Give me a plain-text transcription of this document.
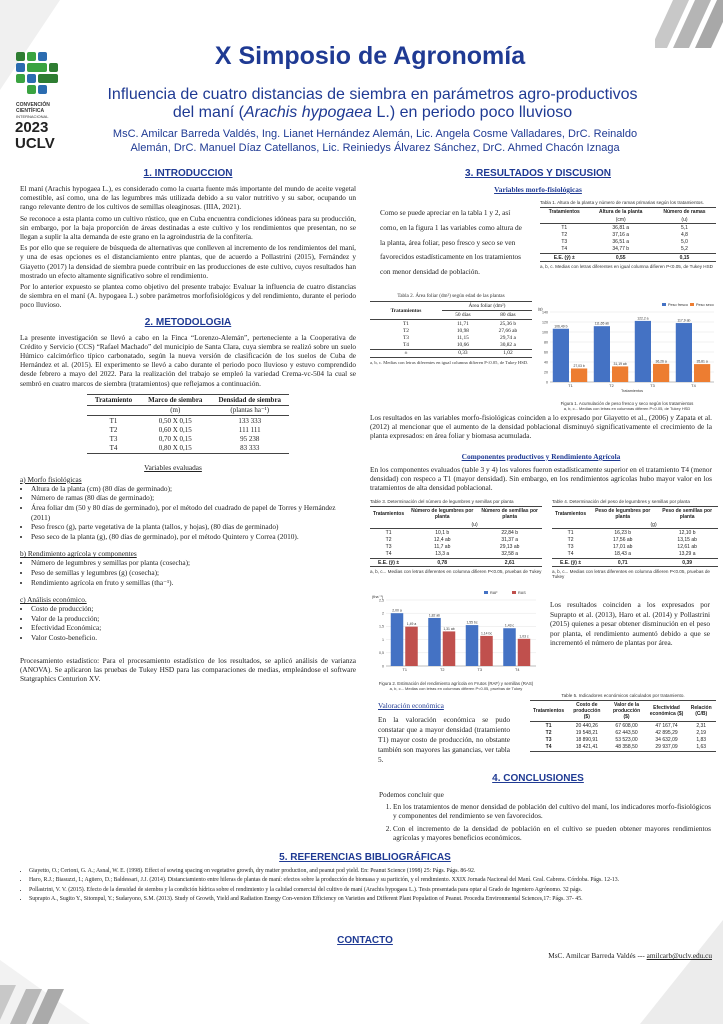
CONVENCIÓN
CIENTÍFICA
INTERNACIONAL
2023
UCLV
X Simposio de Agronomía
Influencia de cuatro distancias de siembra en parámetros agro-productivos
del maní (Arachis hypogaea L.) en periodo poco lluvioso
MsC. Amilcar Barreda Valdés, Ing. Lianet Hernández Alemán, Lic. Angela Cosme Valladares, DrC. Reinaldo
Alemán, DrC. Manuel Díaz Catellanos, Lic. Reiniedys Álvarez Sánchez, DrC. Ahmed Chacón Iznaga
1. INTRODUCCION

El maní (Arachis hypogaea L.), es considerado como la cuarta fuente más importante del mundo de aceite vegetal comestible, así como, una de las legumbres más utilizada debido a su valor nutritivo y su sabor, ocupando un rango relevante dentro de los cultivos de semillas oleaginosas. (IIIA, 2021).

Se reconoce a esta planta como un cultivo rústico, que en Cuba encuentra condiciones idóneas para su producción, sin embargo, por la baja proporción de áreas destinadas a este cultivo y los rendimientos que presentan, no se llegan a suplir la alta demanda de este grano en la agroindustria de la confitería.

Es por ello que se requiere de búsqueda de alternativas que conlleven al incremento de los rendimientos del maní, y una de esas opciones es el distanciamiento entre plantas, que de acuerdo a Pollastrini (2015), Fernández y Giayetto (2017) la densidad de siembra puede contribuir en las producciones de este cultivo, cuyos resultados han mostrado un efecto altamente significativo sobre el rendimiento.

Por lo anterior expuesto se plantea como objetivo del presente trabajo: Evaluar la influencia de cuatro distancias de siembra en el maní (A. hypogaea L.) sobre parámetros morfofisiológicos y del rendimiento, durante el periodo poco lluvioso.

2. METODOLOGIA

La presente investigación se llevó a cabo en la Finca “Lorenzo-Alemán”, perteneciente a la Cooperativa de Crédito y Servicio (CCS) “Rafael Machado” del municipio de Santa Clara, cuya siembra se realizó sobre un suelo Húmico calcimórfico típico carbonatado, según la nueva versión de clasificación de los suelos de Cuba de Hernández et al. (2015). El experimento se llevó a cabo durante el periodo poco lluvioso y estuvo comprendido desde febrero a mayo del 2022. Para la realización del trabajo se empleó la variedad Crema-vc-504 la cual se sembró en cuatro marcos de siembra (tratamientos) que reflejamos a continuación.

Tratamiento	Marco de siembra	Densidad de siembra
	(m)	(plantas ha⁻¹)
T1	0,50 X 0,15	133 333
T2	0,60 X 0,15	111 111
T3	0,70 X 0,15	95 238
T4	0,80 X 0,15	83 333
Variables evaluadas
a) Morfo fisiológicas
• Altura de la planta (cm) (80 días de germinado);
• Número de ramas (80 días de germinado);
• Área foliar dm (50 y 80 días de germinado), por el método del cuadrado de papel de Torres y Hernández (2011)
• Peso fresco (g), parte vegetativa de la planta (tallos, y hojas), (80 días de germinado)
• Peso seco de la planta (g), (80 días de germinado), por el método Quintero y Correa (2010).
b) Rendimiento agrícola y componentes
• Número de legumbres y semillas por planta (cosecha);
• Peso de semillas y legumbres (g) (cosecha);
• Rendimiento agrícola en fruto y semillas (tha⁻¹).
c) Análisis económico.
• Costo de producción;
• Valor de la producción;
• Efectividad Económica;
• Valor Costo-beneficio.

Procesamiento estadístico: Para el procesamiento estadístico de los resultados, se aplicó análisis de varianza (ANOVA). Se aplicaron las pruebas de Tukey HSD para las comparaciones de medias, empleándose el software Statgraphics Centurion XV.

3. RESULTADOS Y DISCUSION
Variables morfo-fisiológicas

Como se puede apreciar en la tabla 1 y 2, así como, en la figura 1 las variables como altura de la planta, área foliar, peso fresco y seco se ven favorecidos estadísticamente en los tratamientos con menor densidad de población.

Tabla 1. Altura de la planta y número de ramas primarias según los tratamientos.
Tratamientos	Altura de la planta	Número de ramas
	(cm)	(u)
T1	36,81 a	5,1
T2	37,16 a	4,8
T3	36,51 a	5,0
T4	34,77 b	5,2
E.E. (ȳ) ±	0,55	0,15
a, b, c. Medias con letras diferentes en igual columna difieren P<0.05, de Tukey HSD
Tabla 2. Área foliar (dm²) según edad de las plantas
Tratamientos	Área foliar (dm²)	
	50 días	80 días
T1	11,71	25,36 b
T2	10,98	27,66 ab
T3	11,15	29,74 a
T4	10,66	30,82 a
±	0,33	1,02
a, b, c. Medias con letras diferentes en igual columna difieren P<0.05, de Tukey HSD.
(g)
0
20
40
60
80
100
120
140
106,49 b
27,03 b
T1
111,65 ab
31,19 ab
T2
122,2 a
36,26 a
T3
117,9 ab
35,81 a
T4
Tratamientos
Peso fresco Peso seco
Figura 1. Acumulación de peso fresco y seco según los tratamientos
a, b, c... Medias con letras en columnas difieren P<0.05, de Tukey HSD

Los resultados en las variables morfo-fisiológicas coinciden a lo expresado por Giayetto et al., (2006) y Zapata et al. (2012) al mencionar que el aumento de la densidad poblacional disminuyó significativamente el crecimiento de la planta expresados: en área foliar y biomasa acumulada.

Componentes productivos y Rendimiento Agrícola

En los componentes evaluados (table 3 y 4) los valores fueron estadísticamente superior en el tratamiento T4 (menor densidad) con respeco a T1 (mayor densidad). Sin embargo, en los rendimientos agrícolas hubo mayor valor en los tratamientos de alta densidad poblacional.

Table 3. Determinación del número de legumbres y semillas por planta
Tratamientos	Número de legumbres por planta	Número de semillas por planta
	(u)	
T1	10,1 b	22,84 b
T2	12,4 ab	31,37 a
T3	11,7 ab	29,13 ab
T4	13,3 a	32,58 a
E.E. (ȳ) ±	0,78	2,61
a, b, c... Medias con letras diferentes en columna difieren P<0.05, pruebas de Tukey
Table 4. Determinación del peso de legumbres y semillas por planta
Tratamientos	Peso de legumbres por planta	Peso de semillas por planta
	(g)	
T1	16,23 b	12,10 b
T2	17,56 ab	13,15 ab
T3	17,01 ab	12,61 ab
T4	18,43 a	13,29 a
E.E. (ȳ) ±	0,71	0,39
a, b, c... Medias con letras diferentes en columna difieren P<0.05, pruebas de Tukey
(tha⁻¹)
0
0,5
1
1,5
2
2,5
2,00 a
1,49 a
T1
1,82 ab
1,31 ab
T2
1,55 bc
1,14 bc
T3
1,43 c
1,03 c
T4
RAF	RAS
Figura 2. Estimación del rendimiento agrícola en Frutos (RAF) y semillas (RAS)
a, b, c... Medias con letras en columnas difieren P<0.05, pruebas de Tukey

Los resultados coinciden a los expresados por Suprapto et al. (2013), Haro et al. (2014) y Pollastrini (2015) quienes a pesar obtener disminución en el peso por planta, el rendimiento aumentó debido a que se incrementó el número de plantas por área.

Valoración económica

En la valoración económica se pudo constatar que a mayor densidad (tratamiento T1) mayor costo de producción, no obstante también son mayores las ganancias, ver tabla 5.

Table 5. Indicadores económicos calculados por tratamiento.
Tratamientos	Costo de producción ($)	Valor de la producción ($)	Efectividad económica ($)	Relación (C/B)
T1	20 440,26	67 608,00	47 167,74	2,31
T2	19 548,21	62 443,50	42 895,29	2,19
T3	18 890,91	53 523,00	34 632,09	1,83
T4	18 421,41	48 358,50	29 937,09	1,63
4. CONCLUSIONES
Podemos concluir que
1. En los tratamientos de menor densidad de población del cultivo del maní, los indicadores morfo-fisiológicos y componentes del rendimiento se ven favorecidos.
2. Con el incremento de la densidad de población en el cultivo se pueden obtener mayores rendimientos agrícolas y mayores beneficios económicos.
5. REFERENCIAS BIBLIOGRÁFICAS
• Giayetto, O.; Cerioni, G. A.; Asnal, W. E. (1998). Effect of sowing spacing on vegetative growth, dry matter production, and peanut pod yield. En: Peanut Science (1998) 25: Págs. Págs. 86-92.
• Haro, R.J.; Biasuzzi, I.; Agüero, D.; Baldessari, J.J. (2014). Distanciamiento entre hileras de plantas de maní: efectos sobre la producción de biomasa y su partición, y el rendimiento. XXIX Jornada Nacional del Maní. Gral. Cabrera. Córdoba. Págs. 12-13.
• Pollastrini, V. V. (2015). Efecto de la densidad de siembra y la condición hídrica sobre el rendimiento y la calidad comercial del cultivo de maní (Arachis hypogaea L.). Tesis presentada para optar al Grado de Ingeniero Agrónomo. 32 págs.
• Suprapto A., Sugito Y., Sitompul, Y.; Sudaryono, S.M. (2013). Study of Growth, Yield and Radiation Energy Con-version Efficiency on Varieties and Different Plant Population of Peanut. Procedia Environmental Sciences,17: Págs. 37- 45.
CONTACTO
MsC. Amilcar Barreda Valdés --- amilcarb@uclv.edu.cu
